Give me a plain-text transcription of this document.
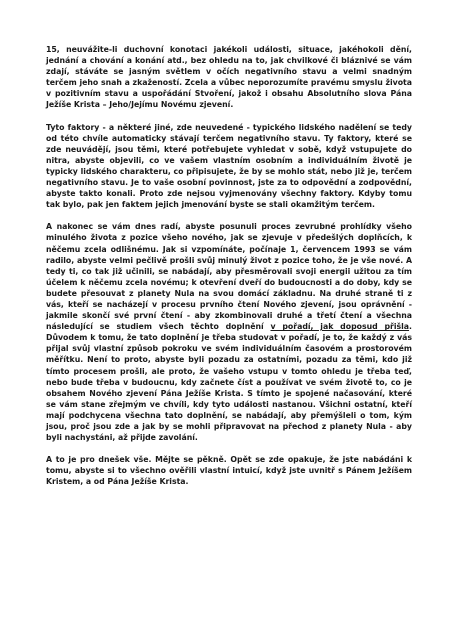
15, neuvážite-li duchovní konotaci jakékoli události, situace, jakéhokoli dění, jednání a chování a konání atd., bez ohledu na to, jak chvilkové či bláznivé se vám zdají, stáváte se jasným světlem v očích negativního stavu a velmi snadným terčem jeho snah a zkažeností. Zcela a vůbec neporozumíte pravému smyslu života v pozitivním stavu a uspořádání Stvoření, jakož i obsahu Absolutního slova Pána Ježíše Krista – Jeho/Jejímu Novému zjevení.

Tyto faktory - a některé jiné, zde neuvedené - typického lidského nadělení se tedy od této chvíle automaticky stávají terčem negativního stavu. Ty faktory, které se zde neuvádějí, jsou těmi, které potřebujete vyhledat v sobě, když vstupujete do nitra, abyste objevili, co ve vašem vlastním osobním a individuálním životě je typicky lidského charakteru, co připisujete, že by se mohlo stát, nebo již je, terčem negativního stavu. Je to vaše osobní povinnost, jste za to odpovědní a zodpovědní, abyste takto konali. Proto zde nejsou vyjmenovány všechny faktory. Kdyby tomu tak bylo, pak jen faktem jejich jmenování byste se stali okamžitým terčem.

A nakonec se vám dnes radí, abyste posunuli proces zevrubné prohlídky všeho minulého života z pozice všeho nového, jak se zjevuje v předešlých doplňcích, k něčemu zcela odlišnému. Jak si vzpomínáte, počínaje 1, červencem 1993 se vám radilo, abyste velmi pečlivě prošli svůj minulý život z pozice toho, že je vše nové. A tedy ti, co tak již učinili, se nabádají, aby přesměrovali svoji energii užitou za tím účelem k něčemu zcela novému; k otevření dveří do budoucnosti a do doby, kdy se budete přesouvat z planety Nula na svou domácí základnu. Na druhé straně ti z vás, kteří se nacházejí v procesu prvního čtení Nového zjevení, jsou oprávnění - jakmile skončí své první čtení - aby zkombinovali druhé a třetí čtení a všechna následující se studiem všech těchto doplnění v pořadí, jak doposud přišla. Důvodem k tomu, že tato doplnění je třeba studovat v pořadí, je to, že každý z vás přijal svůj vlastní způsob pokroku ve svém individuálním časovém a prostorovém měřítku. Není to proto, abyste byli pozadu za ostatními, pozadu za těmi, kdo již tímto procesem prošli, ale proto, že vašeho vstupu v tomto ohledu je třeba teď, nebo bude třeba v budoucnu, kdy začnete číst a používat ve svém životě to, co je obsahem Nového zjevení Pána Ježíše Krista. S tímto je spojené načasování, které se vám stane zřejmým ve chvíli, kdy tyto události nastanou. Všichni ostatní, kteří mají podchycena všechna tato doplnění, se nabádají, aby přemýšleli o tom, kým jsou, proč jsou zde a jak by se mohli připravovat na přechod z planety Nula - aby byli nachystáni, až přijde zavolání.

A to je pro dnešek vše. Mějte se pěkně. Opět se zde opakuje, že jste nabádáni k tomu, abyste si to všechno ověřili vlastní intuicí, když jste uvnitř s Pánem Ježíšem Kristem, a od Pána Ježíše Krista.
